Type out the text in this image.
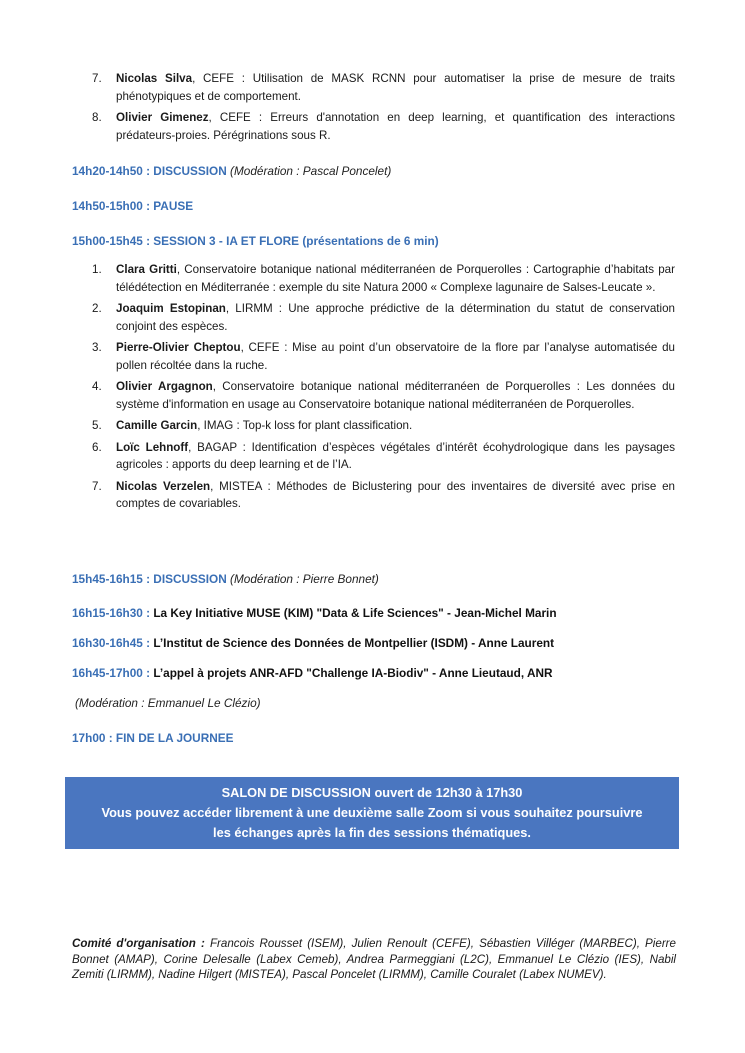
7. Nicolas Silva, CEFE : Utilisation de MASK RCNN pour automatiser la prise de mesure de traits phénotypiques et de comportement.
8. Olivier Gimenez, CEFE : Erreurs d'annotation en deep learning, et quantification des interactions prédateurs-proies. Pérégrinations sous R.
14h20-14h50 : DISCUSSION (Modération : Pascal Poncelet)
14h50-15h00 : PAUSE
15h00-15h45 : SESSION 3 - IA ET FLORE (présentations de 6 min)
1. Clara Gritti, Conservatoire botanique national méditerranéen de Porquerolles : Cartographie d’habitats par télédétection en Méditerranée : exemple du site Natura 2000 « Complexe lagunaire de Salses-Leucate ».
2. Joaquim Estopinan, LIRMM : Une approche prédictive de la détermination du statut de conservation conjoint des espèces.
3. Pierre-Olivier Cheptou, CEFE : Mise au point d’un observatoire de la flore par l’analyse automatisée du pollen récoltée dans la ruche.
4. Olivier Argagnon, Conservatoire botanique national méditerranéen de Porquerolles : Les données du système d'information en usage au Conservatoire botanique national méditerranéen de Porquerolles.
5. Camille Garcin, IMAG : Top-k loss for plant classification.
6. Loïc Lehnoff, BAGAP : Identification d’espèces végétales d’intérêt écohydrologique dans les paysages agricoles : apports du deep learning et de l’IA.
7. Nicolas Verzelen, MISTEA : Méthodes de Biclustering pour des inventaires de diversité avec prise en comptes de covariables.
15h45-16h15 : DISCUSSION (Modération : Pierre Bonnet)
16h15-16h30 : La Key Initiative MUSE (KIM) "Data & Life Sciences" - Jean-Michel Marin
16h30-16h45 : L’Institut de Science des Données de Montpellier (ISDM) - Anne Laurent
16h45-17h00 : L’appel à projets ANR-AFD "Challenge IA-Biodiv" - Anne Lieutaud, ANR
(Modération : Emmanuel Le Clézio)
17h00 : FIN DE LA JOURNEE
SALON DE DISCUSSION ouvert de 12h30 à 17h30
Vous pouvez accéder librement à une deuxième salle Zoom si vous souhaitez poursuivre
les échanges après la fin des sessions thématiques.
Comité d'organisation : Francois Rousset (ISEM), Julien Renoult (CEFE), Sébastien Villéger (MARBEC), Pierre Bonnet (AMAP), Corine Delesalle (Labex Cemeb), Andrea Parmeggiani (L2C), Emmanuel Le Clézio (IES), Nabil Zemiti (LIRMM), Nadine Hilgert (MISTEA), Pascal Poncelet (LIRMM), Camille Couralet (Labex NUMEV).
